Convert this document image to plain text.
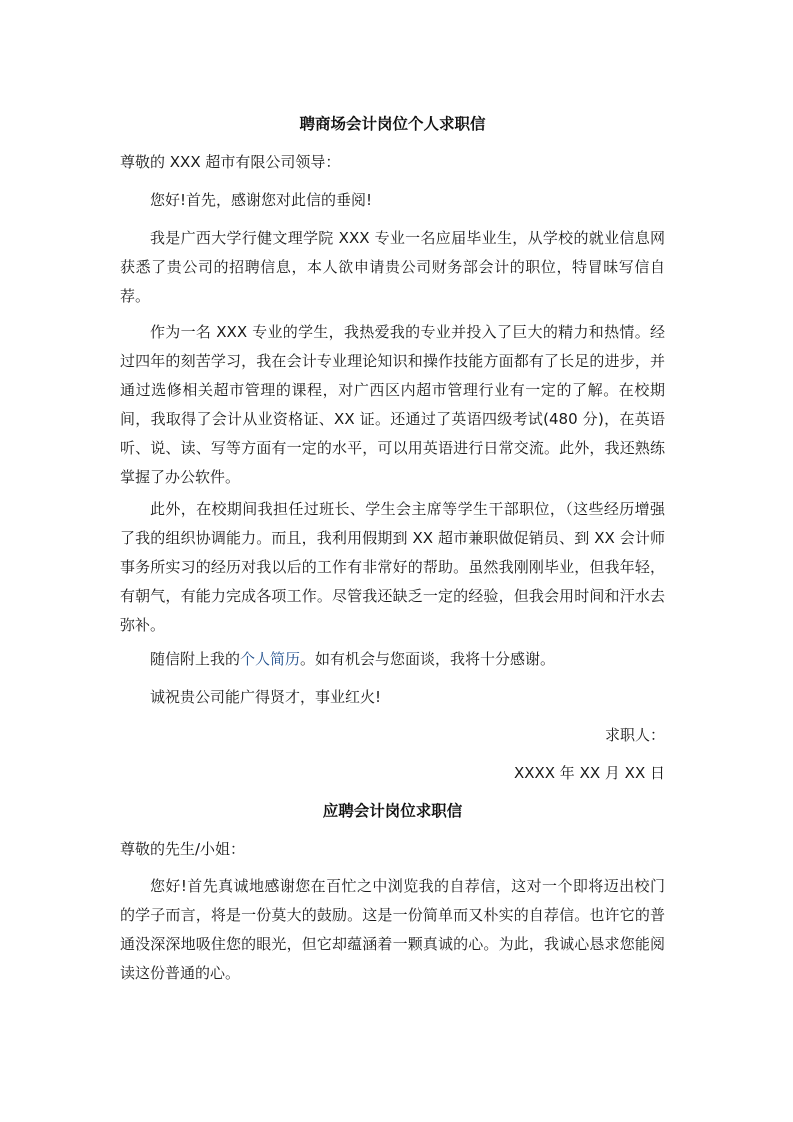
聘商场会计岗位个人求职信
尊敬的 XXX 超市有限公司领导：

您好!首先，感谢您对此信的垂阅!

我是广西大学行健文理学院 XXX 专业一名应届毕业生，从学校的就业信息网获悉了贵公司的招聘信息，本人欲申请贵公司财务部会计的职位，特冒昧写信自荐。

作为一名 XXX 专业的学生，我热爱我的专业并投入了巨大的精力和热情。经过四年的刻苦学习，我在会计专业理论知识和操作技能方面都有了长足的进步，并通过选修相关超市管理的课程，对广西区内超市管理行业有一定的了解。在校期间，我取得了会计从业资格证、XX 证。还通过了英语四级考试(480 分)，在英语听、说、读、写等方面有一定的水平，可以用英语进行日常交流。此外，我还熟练掌握了办公软件。

此外，在校期间我担任过班长、学生会主席等学生干部职位，（这些经历增强了我的组织协调能力。而且，我利用假期到 XX 超市兼职做促销员、到 XX 会计师事务所实习的经历对我以后的工作有非常好的帮助。虽然我刚刚毕业，但我年轻，有朝气，有能力完成各项工作。尽管我还缺乏一定的经验，但我会用时间和汗水去弥补。

随信附上我的个人简历。如有机会与您面谈，我将十分感谢。

诚祝贵公司能广得贤才，事业红火!

求职人：
XXXX 年 XX 月 XX 日
应聘会计岗位求职信
尊敬的先生/小姐：

您好!首先真诚地感谢您在百忙之中浏览我的自荐信，这对一个即将迈出校门的学子而言，将是一份莫大的鼓励。这是一份简单而又朴实的自荐信。也许它的普通没深深地吸住您的眼光，但它却蕴涵着一颗真诚的心。为此，我诚心恳求您能阅读这份普通的心。
